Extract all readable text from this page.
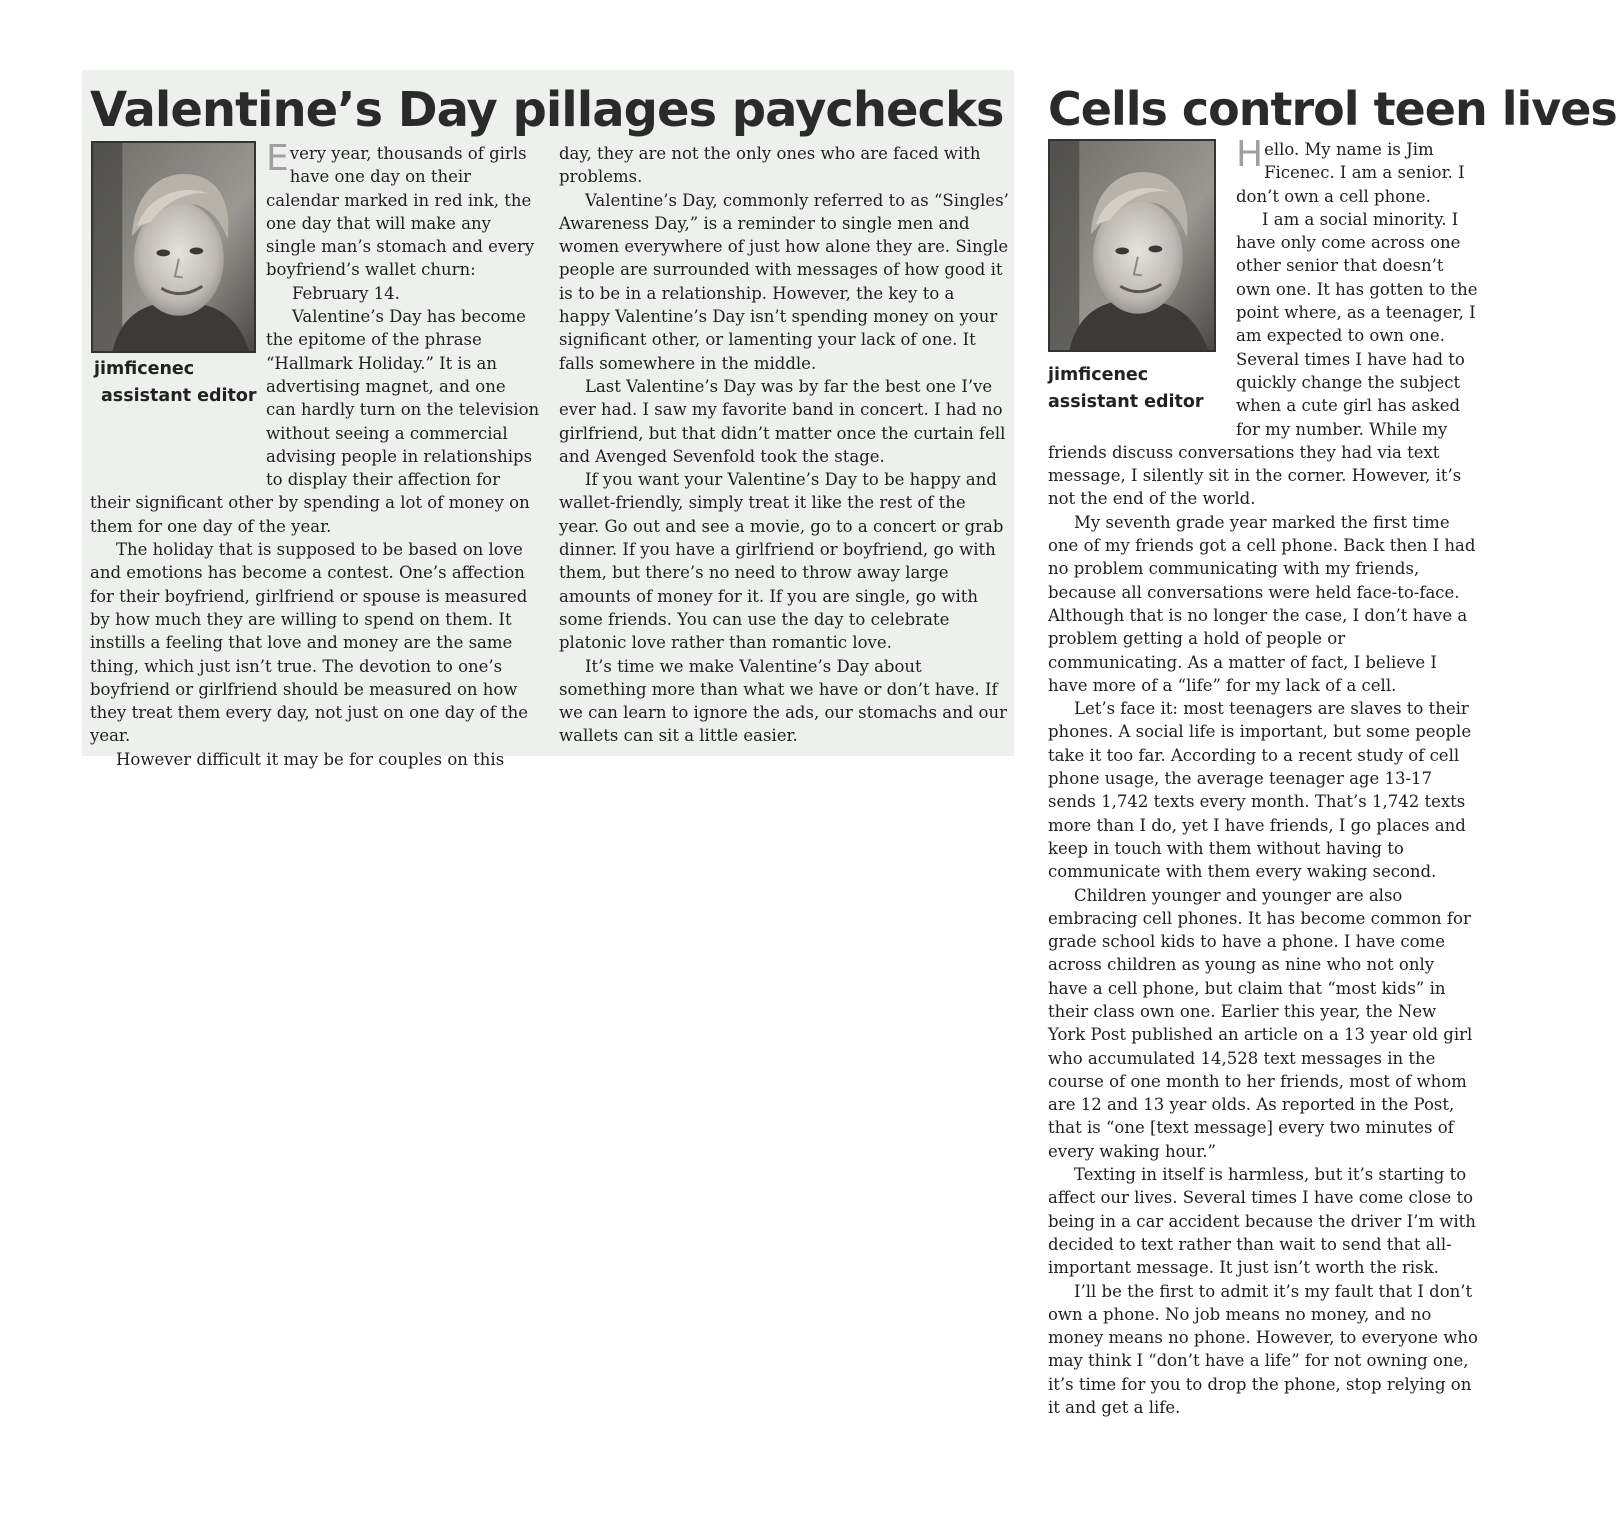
Valentine’s Day pillages paychecks

jimficenec
assistant editor

Every year, thousands of girls have one day on their calendar marked in red ink, the one day that will make any single man’s stomach and every boyfriend’s wallet churn:

February 14.

Valentine’s Day has become the epitome of the phrase “Hallmark Holiday.” It is an advertising magnet, and one can hardly turn on the television without seeing a commercial advising people in relationships to display their affection for their significant other by spending a lot of money on them for one day of the year.

The holiday that is supposed to be based on love and emotions has become a contest. One’s affection for their boyfriend, girlfriend or spouse is measured by how much they are willing to spend on them. It instills a feeling that love and money are the same thing, which just isn’t true. The devotion to one’s boyfriend or girlfriend should be measured on how they treat them every day, not just on one day of the year.

However difficult it may be for couples on this

day, they are not the only ones who are faced with problems.

Valentine’s Day, commonly referred to as “Singles’ Awareness Day,” is a reminder to single men and women everywhere of just how alone they are. Single people are surrounded with messages of how good it is to be in a relationship. However, the key to a happy Valentine’s Day isn’t spending money on your significant other, or lamenting your lack of one. It falls somewhere in the middle.

Last Valentine’s Day was by far the best one I’ve ever had. I saw my favorite band in concert. I had no girlfriend, but that didn’t matter once the curtain fell and Avenged Sevenfold took the stage.

If you want your Valentine’s Day to be happy and wallet-friendly, simply treat it like the rest of the year. Go out and see a movie, go to a concert or grab dinner. If you have a girlfriend or boyfriend, go with them, but there’s no need to throw away large amounts of money for it. If you are single, go with some friends. You can use the day to celebrate platonic love rather than romantic love.

It’s time we make Valentine’s Day about something more than what we have or don’t have. If we can learn to ignore the ads, our stomachs and our wallets can sit a little easier.

Cells control teen lives

jimficenec
assistant editor

Hello. My name is Jim Ficenec. I am a senior. I don’t own a cell phone.

I am a social minority. I have only come across one other senior that doesn’t own one. It has gotten to the point where, as a teenager, I am expected to own one. Several times I have had to quickly change the subject when a cute girl has asked for my number. While my friends discuss conversations they had via text message, I silently sit in the corner. However, it’s not the end of the world.

My seventh grade year marked the first time one of my friends got a cell phone. Back then I had no problem communicating with my friends, because all conversations were held face-to-face. Although that is no longer the case, I don’t have a problem getting a hold of people or communicating. As a matter of fact, I believe I have more of a “life” for my lack of a cell.

Let’s face it: most teenagers are slaves to their phones. A social life is important, but some people take it too far. According to a recent study of cell phone usage, the average teenager age 13-17 sends 1,742 texts every month. That’s 1,742 texts more than I do, yet I have friends, I go places and keep in touch with them without having to communicate with them every waking second.

Children younger and younger are also embracing cell phones. It has become common for grade school kids to have a phone. I have come across children as young as nine who not only have a cell phone, but claim that “most kids” in their class own one. Earlier this year, the New York Post published an article on a 13 year old girl who accumulated 14,528 text messages in the course of one month to her friends, most of whom are 12 and 13 year olds. As reported in the Post, that is “one [text message] every two minutes of every waking hour.”

Texting in itself is harmless, but it’s starting to affect our lives. Several times I have come close to being in a car accident because the driver I’m with decided to text rather than wait to send that all-important message. It just isn’t worth the risk.

I’ll be the first to admit it’s my fault that I don’t own a phone. No job means no money, and no money means no phone. However, to everyone who may think I “don’t have a life” for not owning one, it’s time for you to drop the phone, stop relying on it and get a life.
